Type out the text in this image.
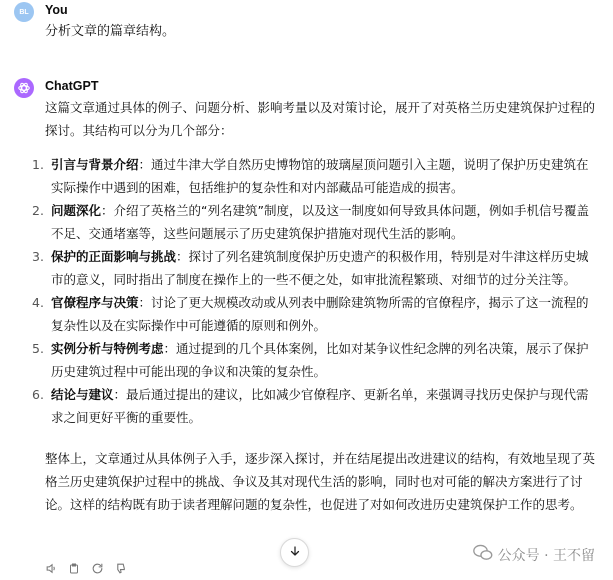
BL	You
分析文章的篇章结构。
ChatGPT

这篇文章通过具体的例子、问题分析、影响考量以及对策讨论，展开了对英格兰历史建筑保护过程的探讨。其结构可以分为几个部分：

1. 引言与背景介绍：通过牛津大学自然历史博物馆的玻璃屋顶问题引入主题，说明了保护历史建筑在实际操作中遇到的困难，包括维护的复杂性和对内部藏品可能造成的损害。
2. 问题深化：介绍了英格兰的“列名建筑”制度，以及这一制度如何导致具体问题，例如手机信号覆盖不足、交通堵塞等，这些问题展示了历史建筑保护措施对现代生活的影响。
3. 保护的正面影响与挑战：探讨了列名建筑制度保护历史遗产的积极作用，特别是对牛津这样历史城市的意义，同时指出了制度在操作上的一些不便之处，如审批流程繁琐、对细节的过分关注等。
4. 官僚程序与决策：讨论了更大规模改动或从列表中删除建筑物所需的官僚程序，揭示了这一流程的复杂性以及在实际操作中可能遵循的原则和例外。
5. 实例分析与特例考虑：通过提到的几个具体案例，比如对某争议性纪念牌的列名决策，展示了保护历史建筑过程中可能出现的争议和决策的复杂性。
6. 结论与建议：最后通过提出的建议，比如减少官僚程序、更新名单，来强调寻找历史保护与现代需求之间更好平衡的重要性。

整体上，文章通过从具体例子入手，逐步深入探讨，并在结尾提出改进建议的结构，有效地呈现了英格兰历史建筑保护过程中的挑战、争议及其对现代生活的影响，同时也对可能的解决方案进行了讨论。这样的结构既有助于读者理解问题的复杂性，也促进了对如何改进历史建筑保护工作的思考。

公众号 · 王不留
